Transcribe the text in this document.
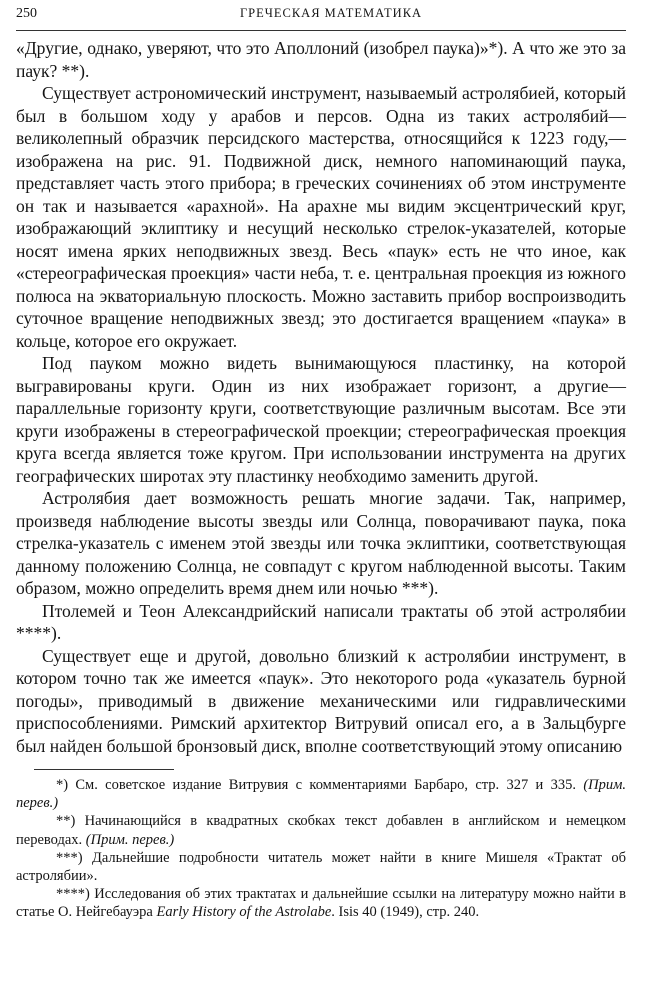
250	ГРЕЧЕСКАЯ МАТЕМАТИКА

«Другие, однако, уверяют, что это Аполлоний (изобрел паука)»*). А что же это за паук? **).

Существует астрономический инструмент, называемый астролябией, который был в большом ходу у арабов и персов. Одна из таких астролябий—великолепный образчик персидского мастерства, относящийся к 1223 году,—изображена на рис. 91. Подвижной диск, немного напоминающий паука, представляет часть этого прибора; в греческих сочинениях об этом инструменте он так и называется «арахной». На арахне мы видим эксцентрический круг, изображающий эклиптику и несущий несколько стрелок-указателей, которые носят имена ярких неподвижных звезд. Весь «паук» есть не что иное, как «стереографическая проекция» части неба, т. е. центральная проекция из южного полюса на экваториальную плоскость. Можно заставить прибор воспроизводить суточное вращение неподвижных звезд; это достигается вращением «паука» в кольце, которое его окружает.

Под пауком можно видеть вынимающуюся пластинку, на которой выгравированы круги. Один из них изображает горизонт, а другие—параллельные горизонту круги, соответствующие различным высотам. Все эти круги изображены в стереографической проекции; стереографическая проекция круга всегда является тоже кругом. При использовании инструмента на других географических широтах эту пластинку необходимо заменить другой.

Астролябия дает возможность решать многие задачи. Так, например, произведя наблюдение высоты звезды или Солнца, поворачивают паука, пока стрелка-указатель с именем этой звезды или точка эклиптики, соответствующая данному положению Солнца, не совпадут с кругом наблюденной высоты. Таким образом, можно определить время днем или ночью ***).

Птолемей и Теон Александрийский написали трактаты об этой астролябии ****).

Существует еще и другой, довольно близкий к астролябии инструмент, в котором точно так же имеется «паук». Это некоторого рода «указатель бурной погоды», приводимый в движение механическими или гидравлическими приспособлениями. Римский архитектор Витрувий описал его, а в Зальцбурге был найден большой бронзовый диск, вполне соответствующий этому описанию

*) См. советское издание Витрувия с комментариями Барбаро, стр. 327 и 335. (Прим. перев.)

**) Начинающийся в квадратных скобках текст добавлен в английском и немецком переводах. (Прим. перев.)

***) Дальнейшие подробности читатель может найти в книге Мишеля «Трактат об астролябии».

****) Исследования об этих трактатах и дальнейшие ссылки на литературу можно найти в статье О. Нейгебауэра Early History of the Astrolabe. Isis 40 (1949), стр. 240.
